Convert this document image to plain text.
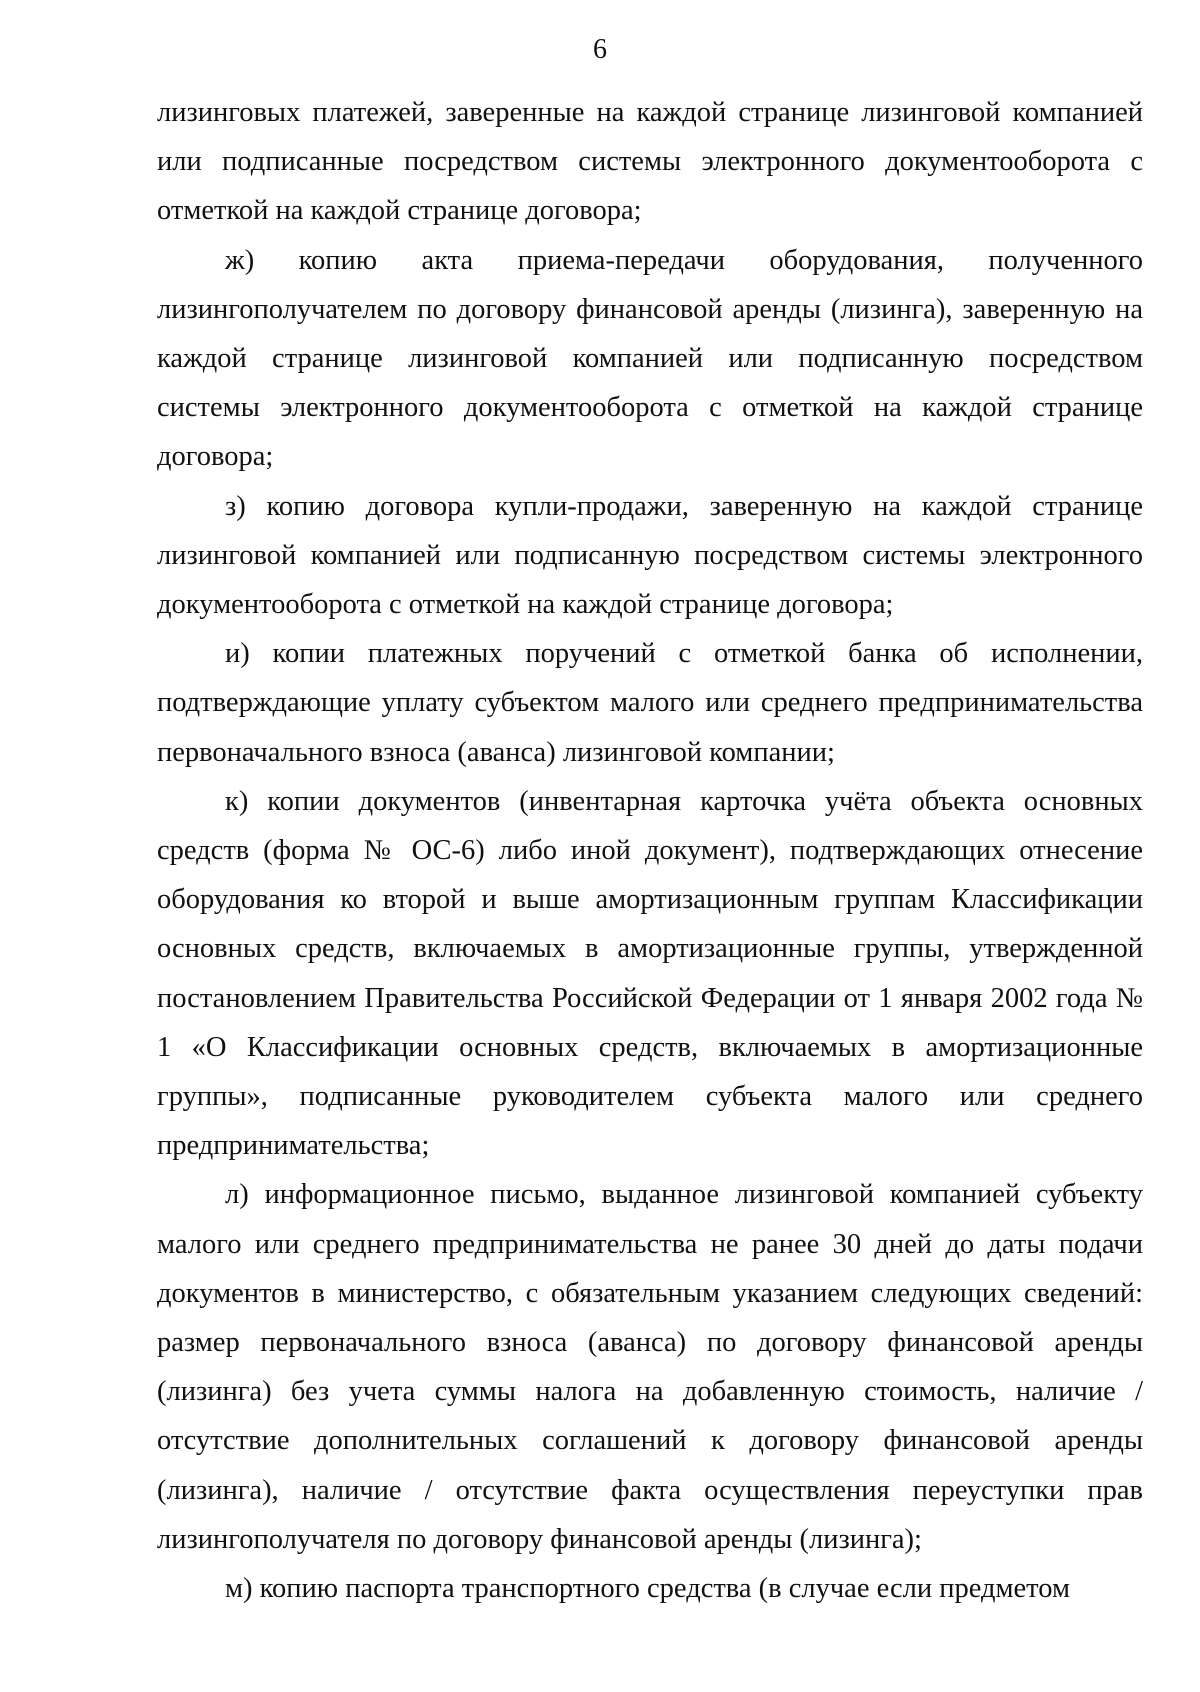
6

лизинговых платежей, заверенные на каждой странице лизинговой компанией или подписанные посредством системы электронного документооборота с отметкой на каждой странице договора;

ж) копию акта приема-передачи оборудования, полученного лизингополучателем по договору финансовой аренды (лизинга), заверенную на каждой странице лизинговой компанией или подписанную посредством системы электронного документооборота с отметкой на каждой странице договора;

з) копию договора купли-продажи, заверенную на каждой странице лизинговой компанией или подписанную посредством системы электронного документооборота с отметкой на каждой странице договора;

и) копии платежных поручений с отметкой банка об исполнении, подтверждающие уплату субъектом малого или среднего предпринимательства первоначального взноса (аванса) лизинговой компании;

к) копии документов (инвентарная карточка учёта объекта основных средств (форма № ОС-6) либо иной документ), подтверждающих отнесение оборудования ко второй и выше амортизационным группам Классификации основных средств, включаемых в амортизационные группы, утвержденной постановлением Правительства Российской Федерации от 1 января 2002 года № 1 «О Классификации основных средств, включаемых в амортизационные группы», подписанные руководителем субъекта малого или среднего предпринимательства;

л) информационное письмо, выданное лизинговой компанией субъекту малого или среднего предпринимательства не ранее 30 дней до даты подачи документов в министерство, с обязательным указанием следующих сведений: размер первоначального взноса (аванса) по договору финансовой аренды (лизинга) без учета суммы налога на добавленную стоимость, наличие / отсутствие дополнительных соглашений к договору финансовой аренды (лизинга), наличие / отсутствие факта осуществления переуступки прав лизингополучателя по договору финансовой аренды (лизинга);

м) копию паспорта транспортного средства (в случае если предметом
